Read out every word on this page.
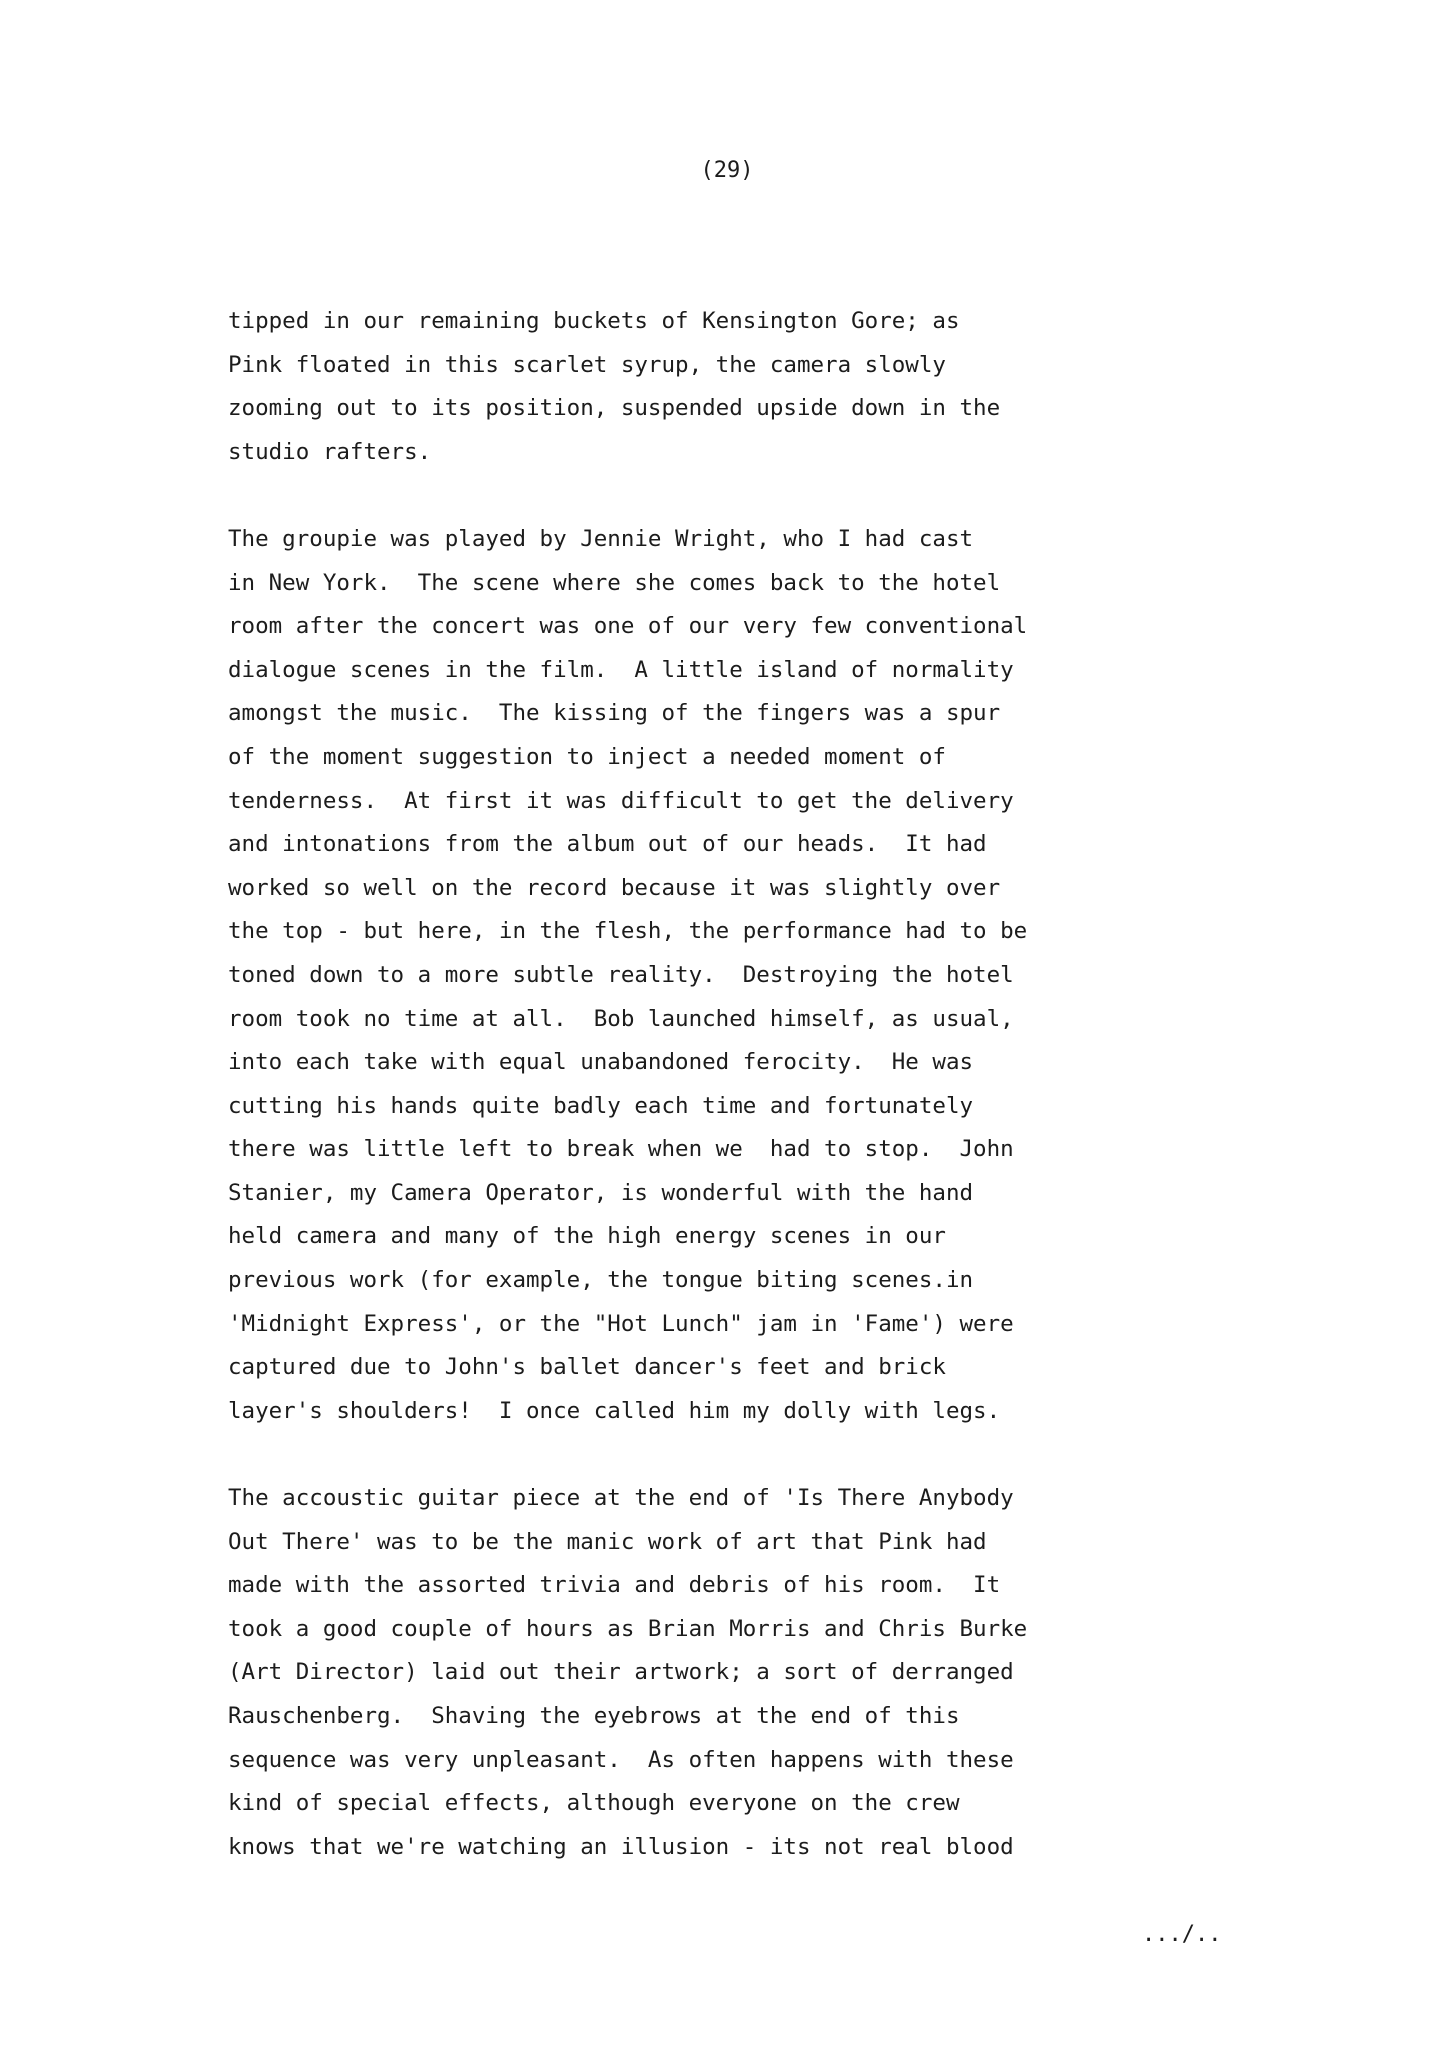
(29)
tipped in our remaining buckets of Kensington Gore; as
Pink floated in this scarlet syrup, the camera slowly
zooming out to its position, suspended upside down in the
studio rafters.
The groupie was played by Jennie Wright, who I had cast
in New York.  The scene where she comes back to the hotel
room after the concert was one of our very few conventional
dialogue scenes in the film.  A little island of normality
amongst the music.  The kissing of the fingers was a spur
of the moment suggestion to inject a needed moment of
tenderness.  At first it was difficult to get the delivery
and intonations from the album out of our heads.  It had
worked so well on the record because it was slightly over
the top - but here, in the flesh, the performance had to be
toned down to a more subtle reality.  Destroying the hotel
room took no time at all.  Bob launched himself, as usual,
into each take with equal unabandoned ferocity.  He was
cutting his hands quite badly each time and fortunately
there was little left to break when we  had to stop.  John
Stanier, my Camera Operator, is wonderful with the hand
held camera and many of the high energy scenes in our
previous work (for example, the tongue biting scenes.in
'Midnight Express', or the "Hot Lunch" jam in 'Fame') were
captured due to John's ballet dancer's feet and brick
layer's shoulders!  I once called him my dolly with legs.
The accoustic guitar piece at the end of 'Is There Anybody
Out There' was to be the manic work of art that Pink had
made with the assorted trivia and debris of his room.  It
took a good couple of hours as Brian Morris and Chris Burke
(Art Director) laid out their artwork; a sort of derranged
Rauschenberg.  Shaving the eyebrows at the end of this
sequence was very unpleasant.  As often happens with these
kind of special effects, although everyone on the crew
knows that we're watching an illusion - its not real blood
.../..
